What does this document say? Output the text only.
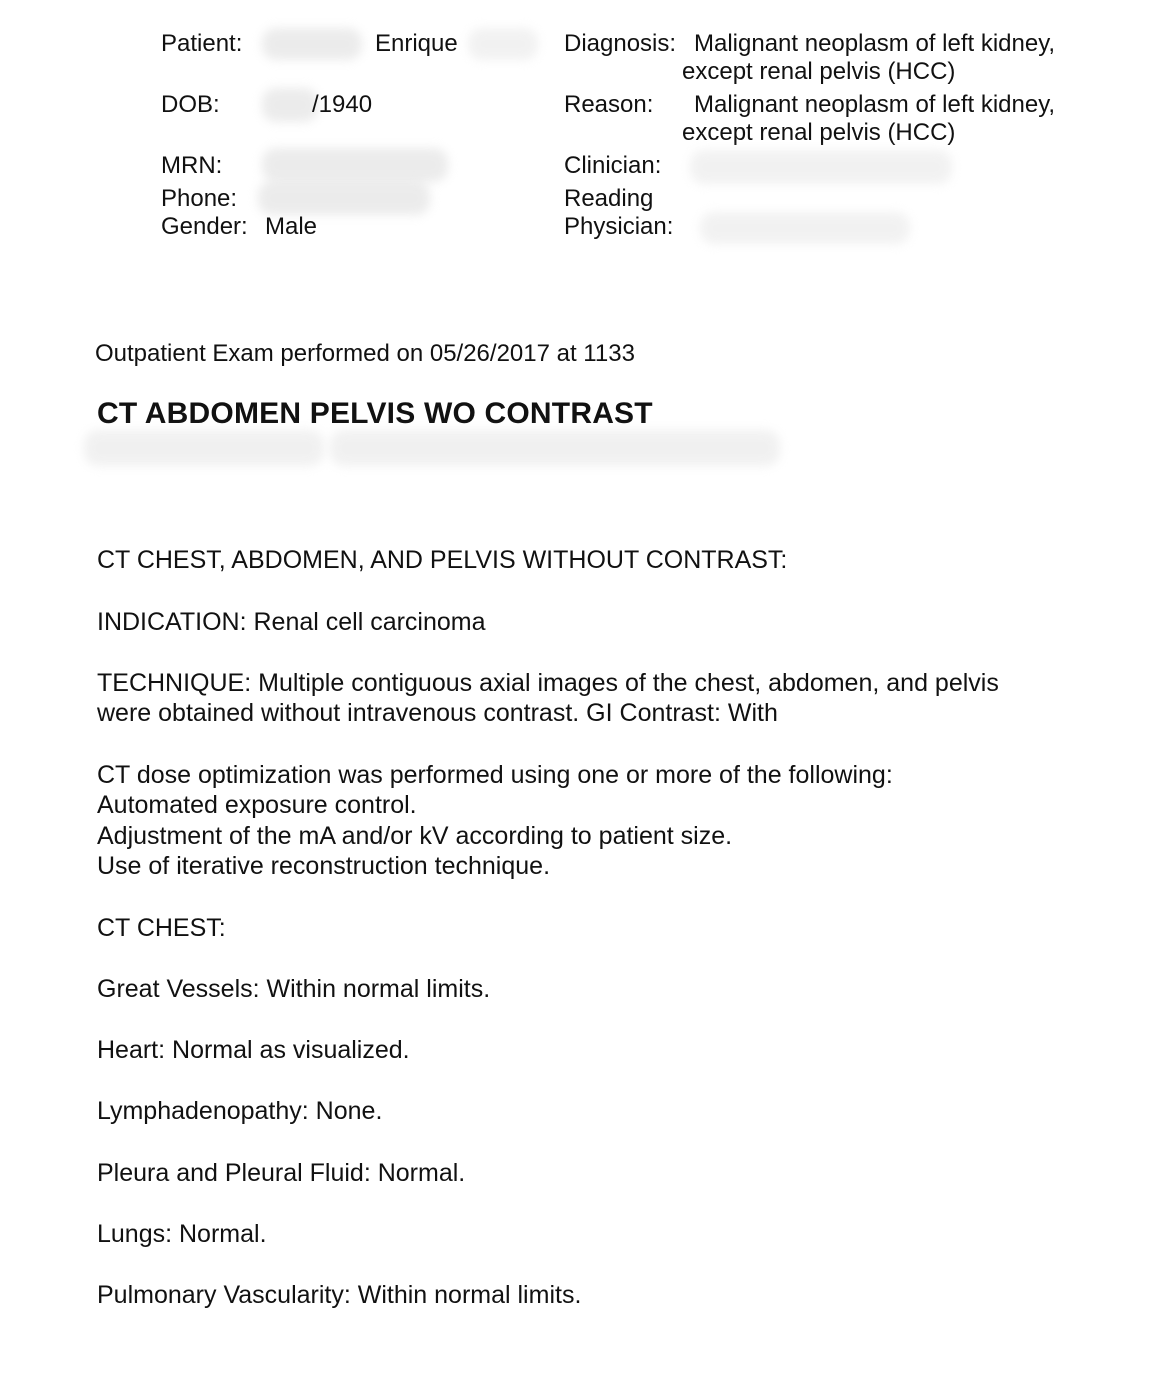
Patient:	Enrique
DOB:	/1940
MRN:
Phone:
Gender: Male
Diagnosis: Malignant neoplasm of left kidney,
except renal pelvis (HCC)
Reason: Malignant neoplasm of left kidney,
except renal pelvis (HCC)
Clinician:
Reading
Physician:
Outpatient Exam performed on 05/26/2017 at 1133
CT ABDOMEN PELVIS WO CONTRAST
CT CHEST, ABDOMEN, AND PELVIS WITHOUT CONTRAST:
INDICATION: Renal cell carcinoma
TECHNIQUE: Multiple contiguous axial images of the chest, abdomen, and pelvis
were obtained without intravenous contrast. GI Contrast: With
CT dose optimization was performed using one or more of the following:
Automated exposure control.
Adjustment of the mA and/or kV according to patient size.
Use of iterative reconstruction technique.
CT CHEST:
Great Vessels: Within normal limits.
Heart: Normal as visualized.
Lymphadenopathy: None.
Pleura and Pleural Fluid: Normal.
Lungs: Normal.
Pulmonary Vascularity: Within normal limits.
